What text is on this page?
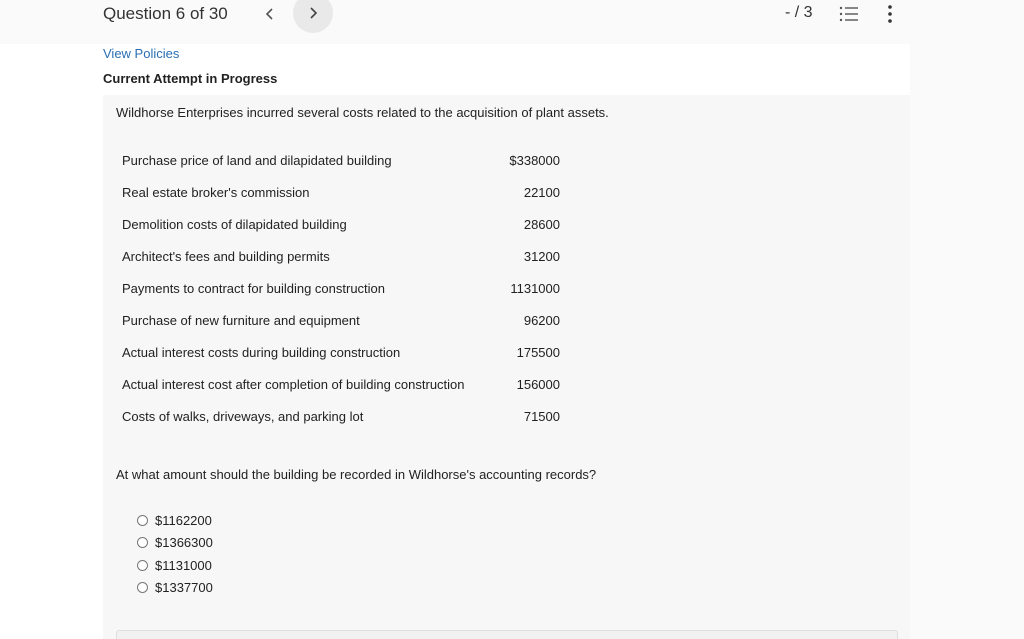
Question 6 of 30	- / 3
View Policies
Current Attempt in Progress
Wildhorse Enterprises incurred several costs related to the acquisition of plant assets.
Purchase price of land and dilapidated building	$338000
Real estate broker's commission	22100
Demolition costs of dilapidated building	28600
Architect's fees and building permits	31200
Payments to contract for building construction	1131000
Purchase of new furniture and equipment	96200
Actual interest costs during building construction	175500
Actual interest cost after completion of building construction	156000
Costs of walks, driveways, and parking lot	71500
At what amount should the building be recorded in Wildhorse's accounting records?
$1162200
$1366300
$1131000
$1337700
